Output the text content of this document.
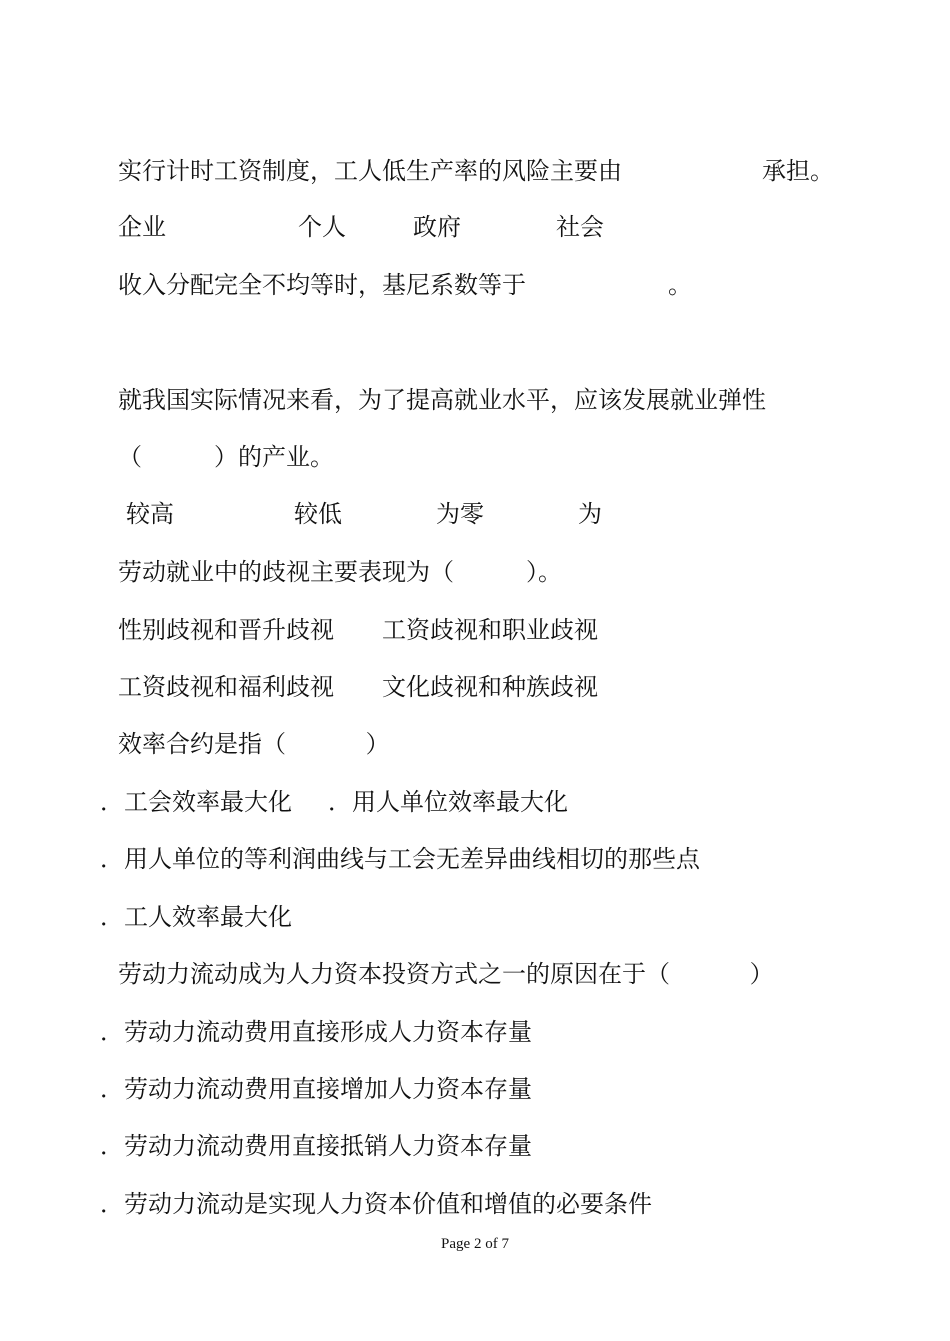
实行计时工资制度，工人低生产率的风险主要由	承担。
企业	个人	政府	社会
收入分配完全不均等时，基尼系数等于	。
就我国实际情况来看，为了提高就业水平，应该发展就业弹性
（　　　）的产业。
较高	较低	为零	为
劳动就业中的歧视主要表现为（　　　）。
性别歧视和晋升歧视 工资歧视和职业歧视
工资歧视和福利歧视 文化歧视和种族歧视
效率合约是指（　　　 ）
．工会效率最大化 ．用人单位效率最大化
．用人单位的等利润曲线与工会无差异曲线相切的那些点
．工人效率最大化
劳动力流动成为人力资本投资方式之一的原因在于（　　　 ）
．劳动力流动费用直接形成人力资本存量
．劳动力流动费用直接增加人力资本存量
．劳动力流动费用直接抵销人力资本存量
．劳动力流动是实现人力资本价值和增值的必要条件
Page 2 of 7
